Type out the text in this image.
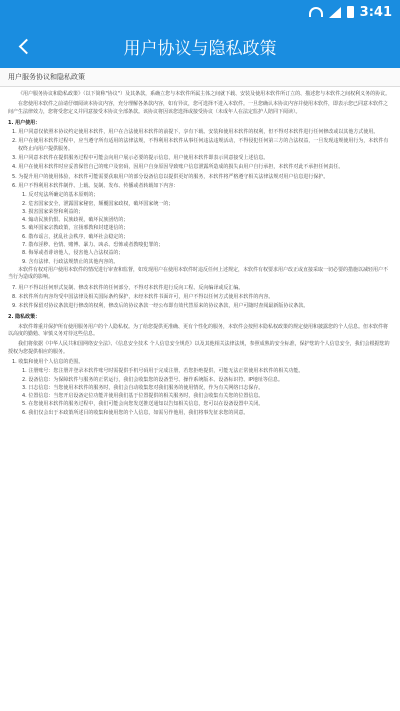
3:41
用户协议与隐私政策
用户服务协议和隐私政策

《用户服务协议和隐私政策》（以下简称"协议"）及其条款，系确立您与本软件所属主体之间就下载、安装及使用本软件所订立的、描述您与本软件之间权利义务的协议。

在您使用本软件之前请仔细阅读本协议内容，充分理解各条款内容，如有异议，您可选择不进入本软件。一旦您确认本协议内容并使用本软件，即表示您已同意本软件之间产生法律效力，您将受您定义并同意接受本协议全部条款。该协议将因该您选择或接受协议（未成年人在法定监护人陪同下阅读）。

1. 用户使用：

1. 用户同意仅依照本协议约定使用本软件，用户在合法使用本软件的前提下，享有下载、安装和使用本软件的权利，但不得对本软件进行任何修改或以其他方式使用。

2. 用户在使用本软件过程中，应当遵守所有适用的法律法规，不得利用本软件从事任何违法违规活动，不得侵犯任何第三方的合法权益，一旦发现违规使用行为，本软件有权终止向用户提供服务。

3. 用户同意本软件在提供服务过程中可能会向用户展示必要的提示信息，用户使用本软件即表示同意接受上述信息。

4. 用户在使用本软件时应妥善保管自己的账户及密码，因用户自身原因导致账户信息泄露所造成的损失由用户自行承担，本软件对此不承担任何责任。

5. 为提升用户的使用体验，本软件可能需要获取用户的部分设备信息以提供更好的服务，本软件将严格遵守相关法律法规对用户信息进行保护。

6. 用户不得利用本软件制作、上载、复制、发布、传播或者转载如下内容：

1. 反对宪法所确定的基本原则的；

2. 危害国家安全，泄露国家秘密，颠覆国家政权，破坏国家统一的；

3. 损害国家荣誉和利益的；

4. 煽动民族仇恨、民族歧视，破坏民族团结的；

5. 破坏国家宗教政策，宣扬邪教和封建迷信的；

6. 散布谣言，扰乱社会秩序，破坏社会稳定的；

7. 散布淫秽、色情、赌博、暴力、凶杀、恐怖或者教唆犯罪的；

8. 侮辱或者诽谤他人，侵害他人合法权益的；

9. 含有法律、行政法规禁止的其他内容的。

本软件有权对用户使用本软件的情况进行审查和监督，如发现用户在使用本软件时违反任何上述规定，本软件有权要求用户改正或直接采取一切必要的措施以减轻用户不当行为造成的影响。

7. 用户不得以任何形式复制、修改本软件的任何部分，不得对本软件进行反向工程、反向编译或反汇编。

8. 本软件所有内容均受中国法律及相关国际条约保护，未经本软件书面许可，用户不得以任何方式使用本软件的内容。

9. 本软件保留对协议条款进行修改的权利，修改后的协议条款一经公布即有效代替原来的协议条款，用户可随时查阅最新版协议条款。

2. 隐私政策：

本软件尊重并保护所有使用服务用户的个人隐私权。为了给您提供更准确、更有个性化的服务，本软件会按照本隐私权政策的规定使用和披露您的个人信息。但本软件将以高度的勤勉、审慎义务对待这些信息。

我们将依据《中华人民共和国网络安全法》、《信息安全技术 个人信息安全规范》以及其他相关法律法规，参照成熟的安全标准，保护您的个人信息安全，我们会根据您的授权为您提供相应的服务。

1. 收集和使用个人信息的范围。

1. 注册账号：您注册并登录本软件账号时需提供手机号码用于完成注册，若您拒绝提供，可能无法正常使用本软件的相关功能。

2. 设备信息：为保障软件与服务的正常运行，我们会收集您的设备型号、操作系统版本、设备标识符、IP地址等信息。

3. 日志信息：当您使用本软件的服务时，我们会自动收集您对我们服务的使用情况，作为有关网络日志保存。

4. 位置信息：当您开启设备定位功能并使用我们基于位置提供的相关服务时，我们会收集有关您的位置信息。

5. 在您使用本软件的服务过程中，我们可能会向您发送推送通知以告知相关信息，您可以在设备设置中关闭。

6. 我们仅会出于本政策所述目的收集和使用您的个人信息，如需另作他用，我们将事先征求您的同意。
